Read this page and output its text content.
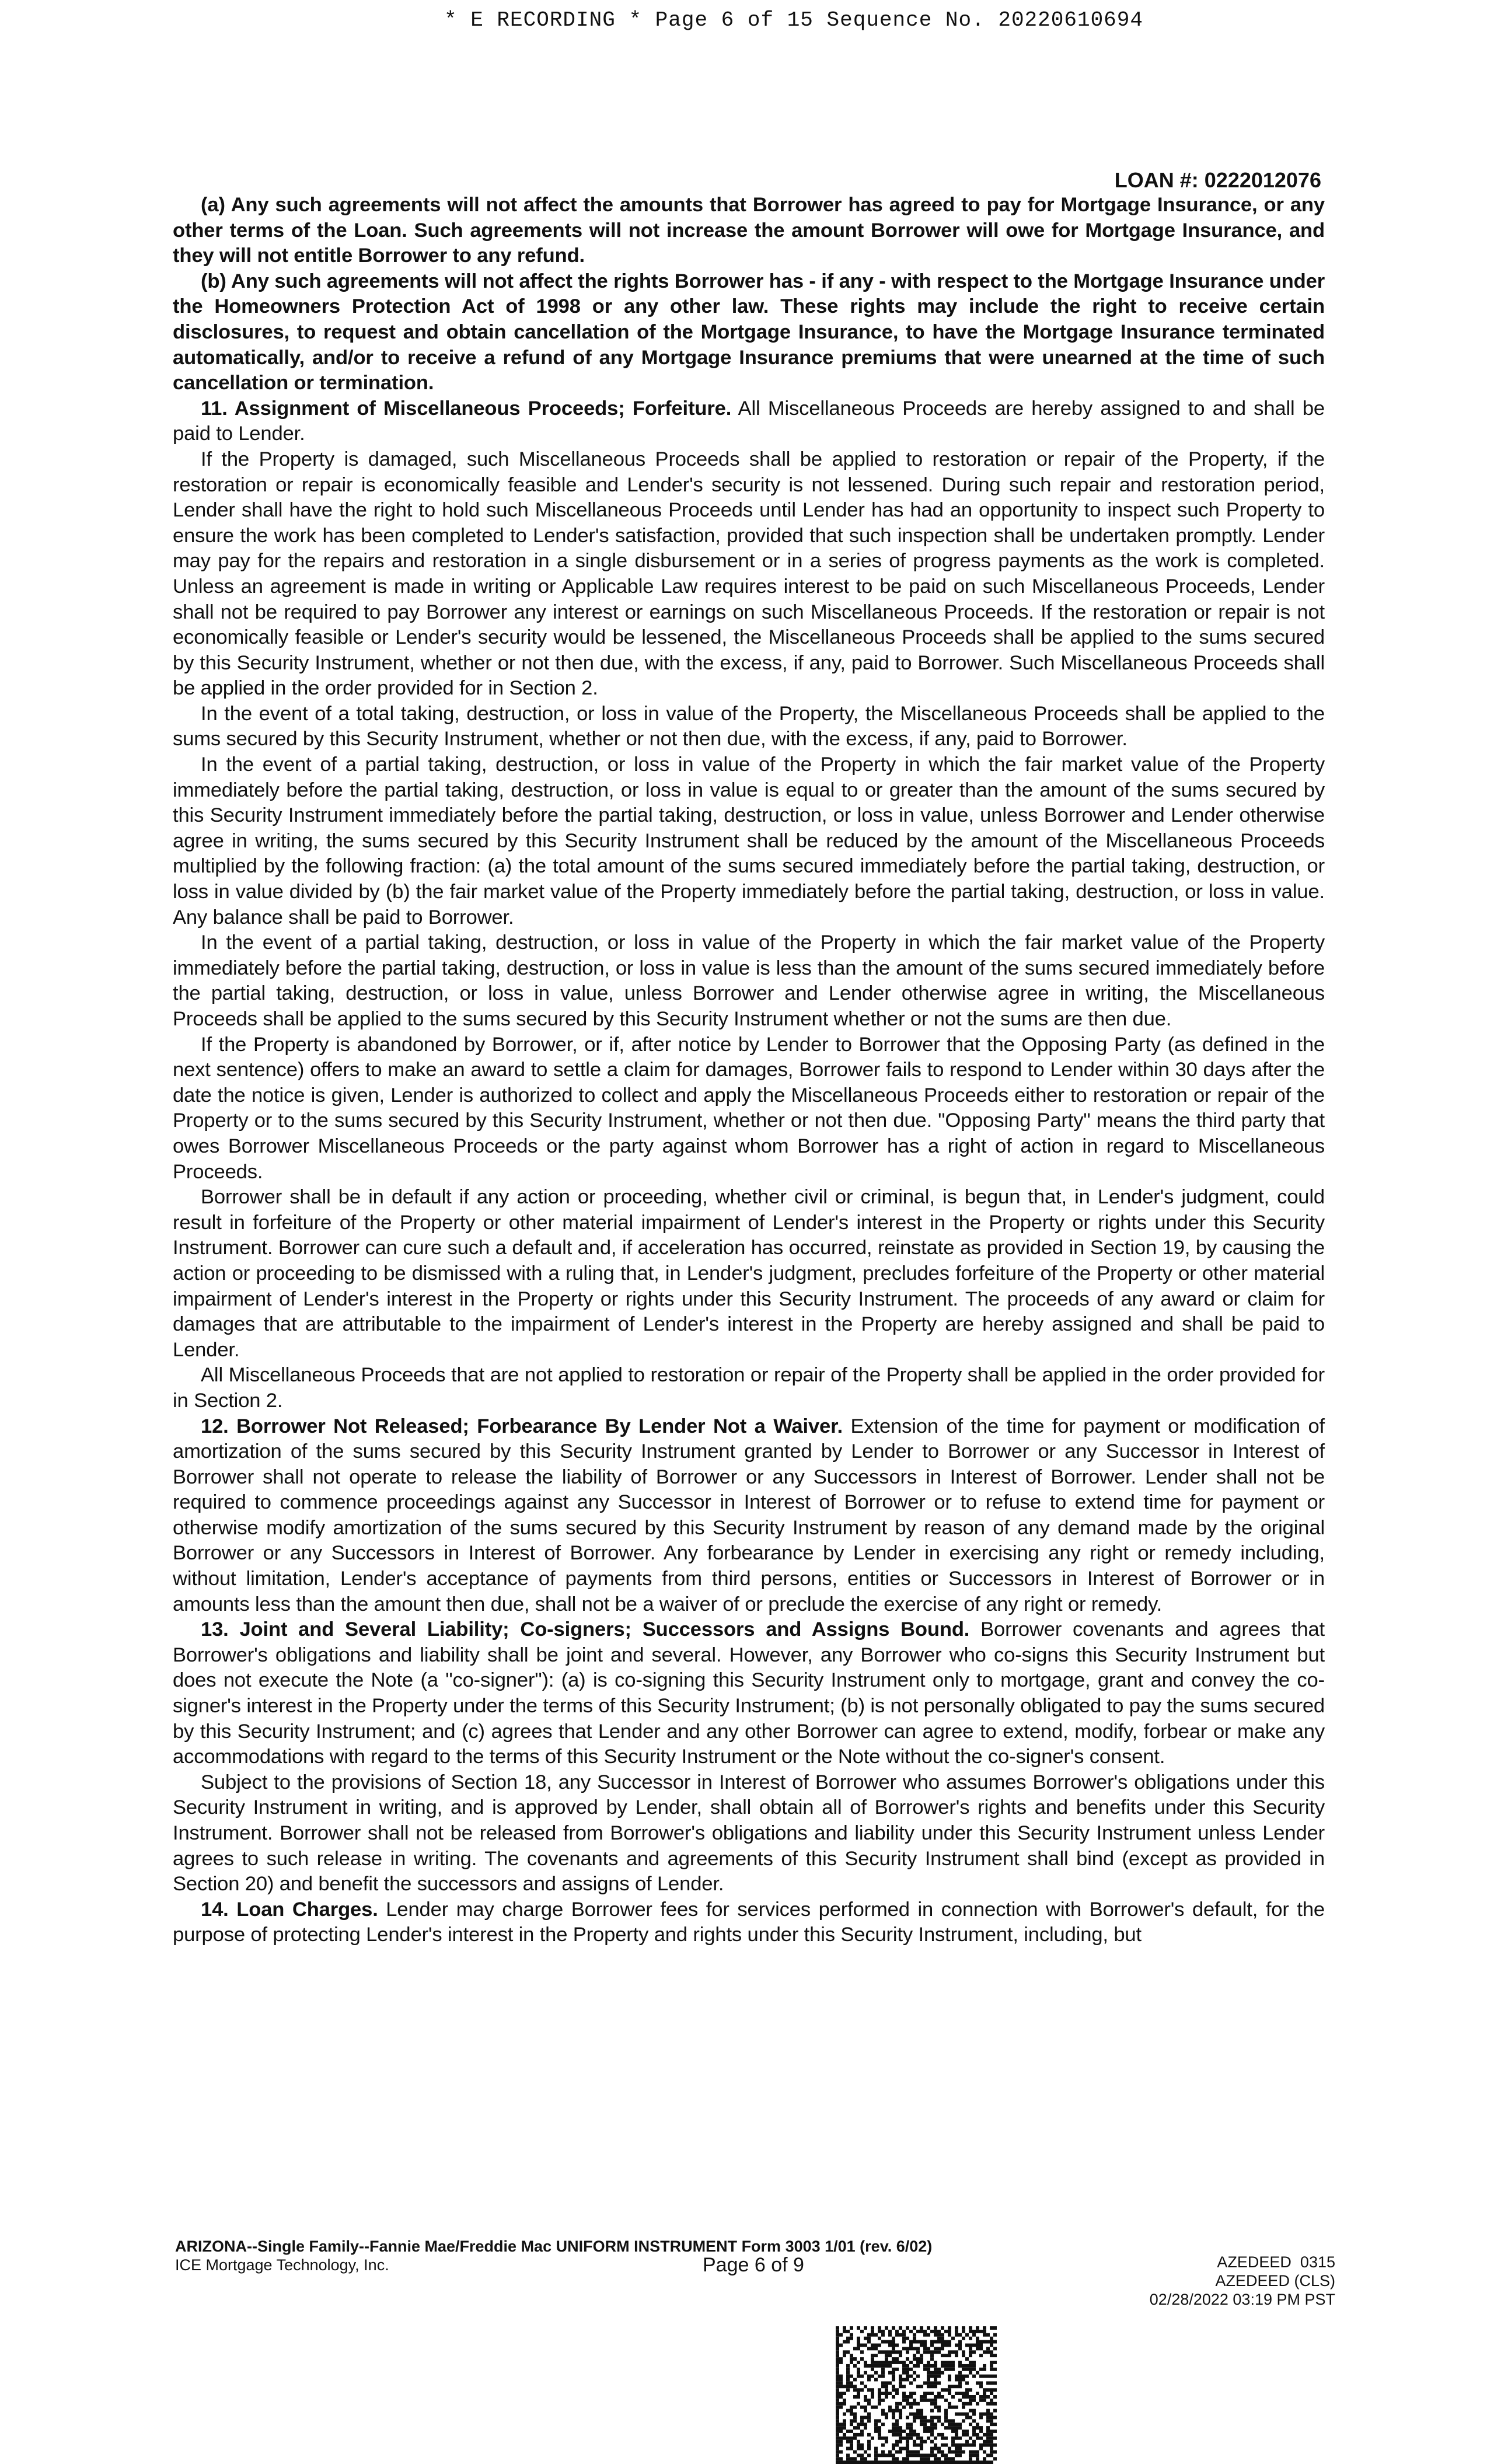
* E RECORDING * Page 6 of 15 Sequence No. 20220610694
LOAN #: 0222012076

(a) Any such agreements will not affect the amounts that Borrower has agreed to pay for Mortgage Insurance, or any other terms of the Loan. Such agreements will not increase the amount Borrower will owe for Mortgage Insurance, and they will not entitle Borrower to any refund.

(b) Any such agreements will not affect the rights Borrower has - if any - with respect to the Mortgage Insurance under the Homeowners Protection Act of 1998 or any other law. These rights may include the right to receive certain disclosures, to request and obtain cancellation of the Mortgage Insurance, to have the Mortgage Insurance terminated automatically, and/or to receive a refund of any Mortgage Insurance premiums that were unearned at the time of such cancellation or termination.

11. Assignment of Miscellaneous Proceeds; Forfeiture. All Miscellaneous Proceeds are hereby assigned to and shall be paid to Lender.

If the Property is damaged, such Miscellaneous Proceeds shall be applied to restoration or repair of the Property, if the restoration or repair is economically feasible and Lender's security is not lessened. During such repair and restoration period, Lender shall have the right to hold such Miscellaneous Proceeds until Lender has had an opportunity to inspect such Property to ensure the work has been completed to Lender's satisfaction, provided that such inspection shall be undertaken promptly. Lender may pay for the repairs and restoration in a single disbursement or in a series of progress payments as the work is completed. Unless an agreement is made in writing or Applicable Law requires interest to be paid on such Miscellaneous Proceeds, Lender shall not be required to pay Borrower any interest or earnings on such Miscellaneous Proceeds. If the restoration or repair is not economically feasible or Lender's security would be lessened, the Miscellaneous Proceeds shall be applied to the sums secured by this Security Instrument, whether or not then due, with the excess, if any, paid to Borrower. Such Miscellaneous Proceeds shall be applied in the order provided for in Section 2.

In the event of a total taking, destruction, or loss in value of the Property, the Miscellaneous Proceeds shall be applied to the sums secured by this Security Instrument, whether or not then due, with the excess, if any, paid to Borrower.

In the event of a partial taking, destruction, or loss in value of the Property in which the fair market value of the Property immediately before the partial taking, destruction, or loss in value is equal to or greater than the amount of the sums secured by this Security Instrument immediately before the partial taking, destruction, or loss in value, unless Borrower and Lender otherwise agree in writing, the sums secured by this Security Instrument shall be reduced by the amount of the Miscellaneous Proceeds multiplied by the following fraction: (a) the total amount of the sums secured immediately before the partial taking, destruction, or loss in value divided by (b) the fair market value of the Property immediately before the partial taking, destruction, or loss in value. Any balance shall be paid to Borrower.

In the event of a partial taking, destruction, or loss in value of the Property in which the fair market value of the Property immediately before the partial taking, destruction, or loss in value is less than the amount of the sums secured immediately before the partial taking, destruction, or loss in value, unless Borrower and Lender otherwise agree in writing, the Miscellaneous Proceeds shall be applied to the sums secured by this Security Instrument whether or not the sums are then due.

If the Property is abandoned by Borrower, or if, after notice by Lender to Borrower that the Opposing Party (as defined in the next sentence) offers to make an award to settle a claim for damages, Borrower fails to respond to Lender within 30 days after the date the notice is given, Lender is authorized to collect and apply the Miscellaneous Proceeds either to restoration or repair of the Property or to the sums secured by this Security Instrument, whether or not then due. "Opposing Party" means the third party that owes Borrower Miscellaneous Proceeds or the party against whom Borrower has a right of action in regard to Miscellaneous Proceeds.

Borrower shall be in default if any action or proceeding, whether civil or criminal, is begun that, in Lender's judgment, could result in forfeiture of the Property or other material impairment of Lender's interest in the Property or rights under this Security Instrument. Borrower can cure such a default and, if acceleration has occurred, reinstate as provided in Section 19, by causing the action or proceeding to be dismissed with a ruling that, in Lender's judgment, precludes forfeiture of the Property or other material impairment of Lender's interest in the Property or rights under this Security Instrument. The proceeds of any award or claim for damages that are attributable to the impairment of Lender's interest in the Property are hereby assigned and shall be paid to Lender.

All Miscellaneous Proceeds that are not applied to restoration or repair of the Property shall be applied in the order provided for in Section 2.

12. Borrower Not Released; Forbearance By Lender Not a Waiver. Extension of the time for payment or modification of amortization of the sums secured by this Security Instrument granted by Lender to Borrower or any Successor in Interest of Borrower shall not operate to release the liability of Borrower or any Successors in Interest of Borrower. Lender shall not be required to commence proceedings against any Successor in Interest of Borrower or to refuse to extend time for payment or otherwise modify amortization of the sums secured by this Security Instrument by reason of any demand made by the original Borrower or any Successors in Interest of Borrower. Any forbearance by Lender in exercising any right or remedy including, without limitation, Lender's acceptance of payments from third persons, entities or Successors in Interest of Borrower or in amounts less than the amount then due, shall not be a waiver of or preclude the exercise of any right or remedy.

13. Joint and Several Liability; Co-signers; Successors and Assigns Bound. Borrower covenants and agrees that Borrower's obligations and liability shall be joint and several. However, any Borrower who co-signs this Security Instrument but does not execute the Note (a "co-signer"): (a) is co-signing this Security Instrument only to mortgage, grant and convey the co-signer's interest in the Property under the terms of this Security Instrument; (b) is not personally obligated to pay the sums secured by this Security Instrument; and (c) agrees that Lender and any other Borrower can agree to extend, modify, forbear or make any accommodations with regard to the terms of this Security Instrument or the Note without the co-signer's consent.

Subject to the provisions of Section 18, any Successor in Interest of Borrower who assumes Borrower's obligations under this Security Instrument in writing, and is approved by Lender, shall obtain all of Borrower's rights and benefits under this Security Instrument. Borrower shall not be released from Borrower's obligations and liability under this Security Instrument unless Lender agrees to such release in writing. The covenants and agreements of this Security Instrument shall bind (except as provided in Section 20) and benefit the successors and assigns of Lender.

14. Loan Charges. Lender may charge Borrower fees for services performed in connection with Borrower's default, for the purpose of protecting Lender's interest in the Property and rights under this Security Instrument, including, but

ARIZONA--Single Family--Fannie Mae/Freddie Mac UNIFORM INSTRUMENT Form 3003 1/01 (rev. 6/02)
ICE Mortgage Technology, Inc.	Page 6 of 9	AZEDEED  0315
AZEDEED (CLS)
02/28/2022 03:19 PM PST
